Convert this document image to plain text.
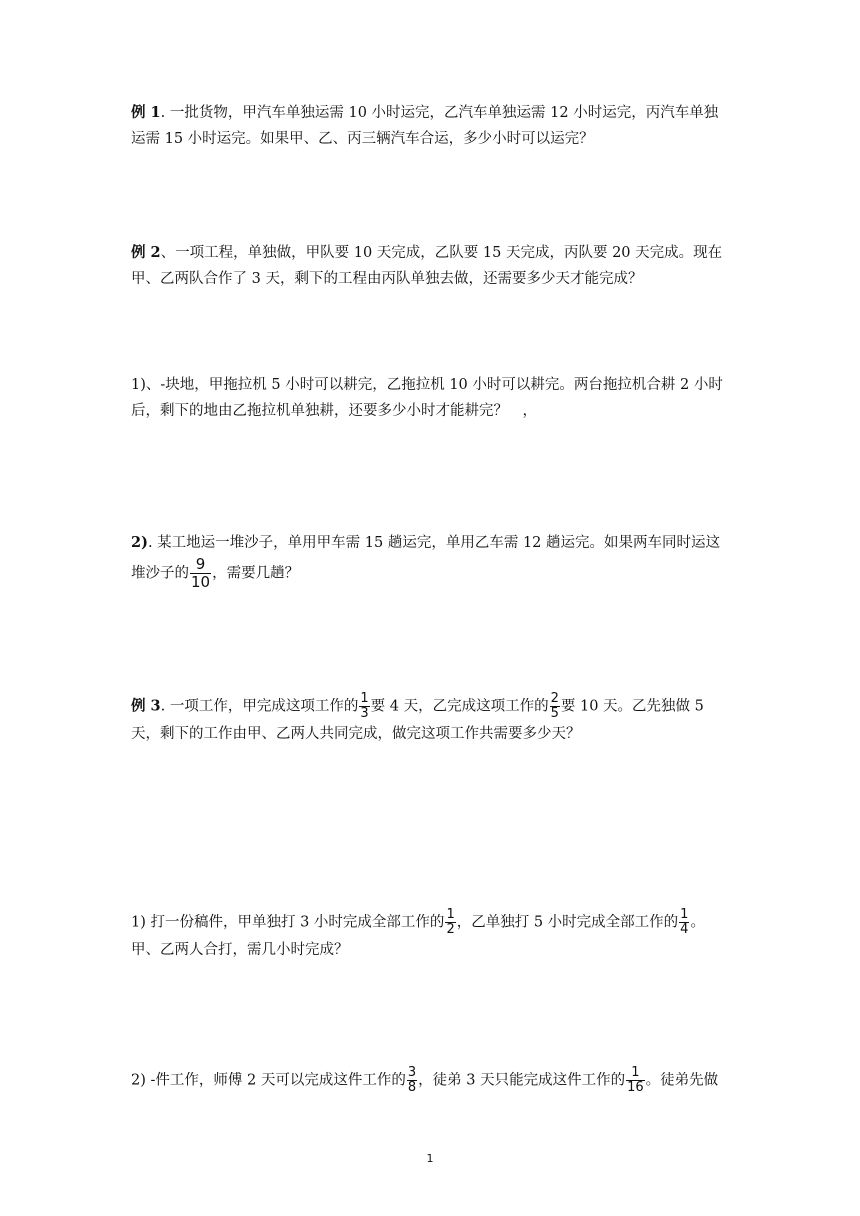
例 1. 一批货物，甲汽车单独运需 10 小时运完，乙汽车单独运需 12 小时运完，丙汽车单独运需 15 小时运完。如果甲、乙、丙三辆汽车合运，多少小时可以运完？

例 2、一项工程，单独做，甲队要 10 天完成，乙队要 15 天完成，丙队要 20 天完成。现在甲、乙两队合作了 3 天，剩下的工程由丙队单独去做，还需要多少天才能完成？

1)、-块地，甲拖拉机 5 小时可以耕完，乙拖拉机 10 小时可以耕完。两台拖拉机合耕 2 小时后，剩下的地由乙拖拉机单独耕，还要多少小时才能耕完？　，

2). 某工地运一堆沙子，单用甲车需 15 趟运完，单用乙车需 12 趟运完。如果两车同时运这堆沙子的 $\frac{9}{10}$ ，需要几趟？

例 3. 一项工作，甲完成这项工作的 $\frac{1}{3}$ 要 4 天，乙完成这项工作的 $\frac{2}{5}$ 要 10 天。乙先独做 5 天，剩下的工作由甲、乙两人共同完成，做完这项工作共需要多少天？

1) 打一份稿件，甲单独打 3 小时完成全部工作的 $\frac{1}{2}$ ，乙单独打 5 小时完成全部工作的 $\frac{1}{4}$ 。甲、乙两人合打，需几小时完成？

2) -件工作，师傅 2 天可以完成这件工作的 $\frac{3}{8}$ ，徒弟 3 天只能完成这件工作的 $\frac{1}{16}$ 。徒弟先做

1
